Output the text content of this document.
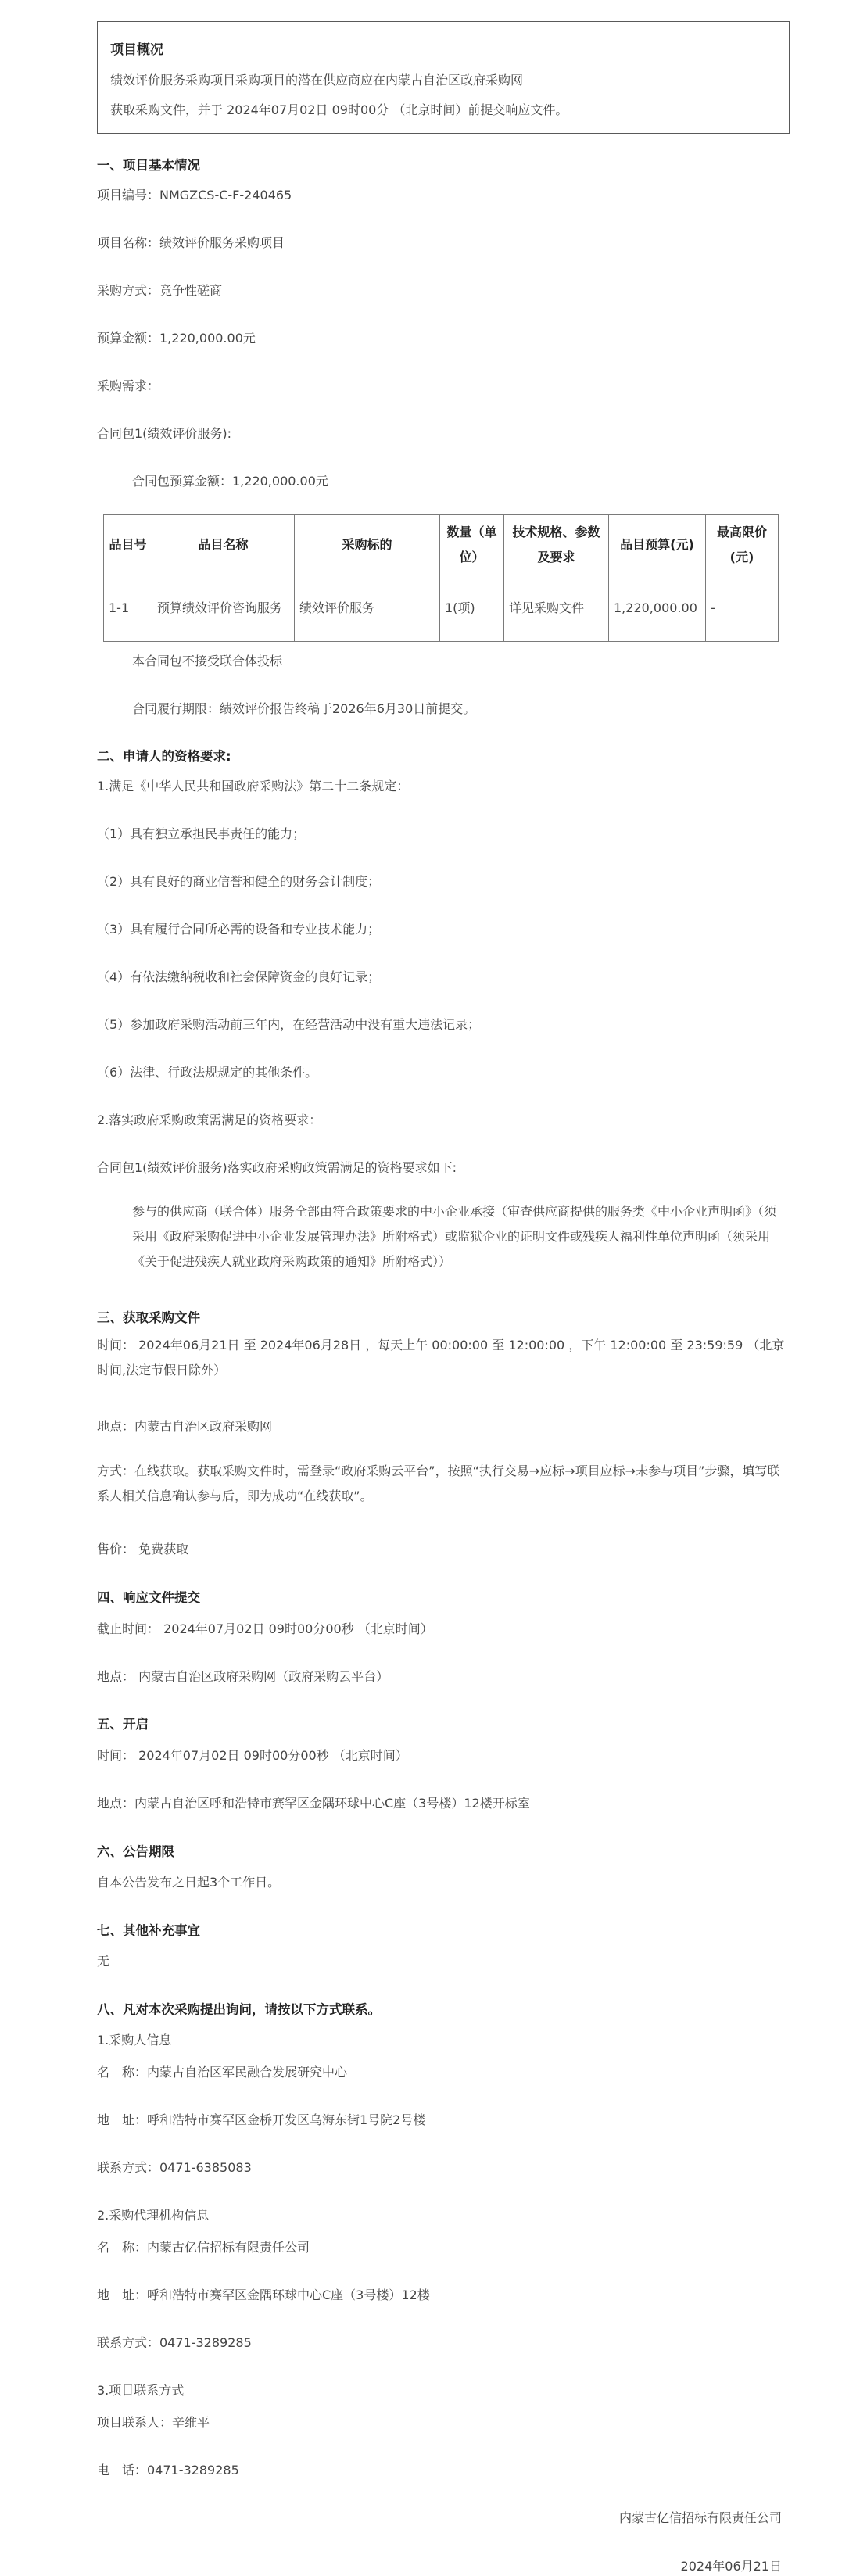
项目概况
绩效评价服务采购项目采购项目的潜在供应商应在内蒙古自治区政府采购网
获取采购文件，并于 2024年07月02日 09时00分 （北京时间）前提交响应文件。
一、项目基本情况
项目编号：NMGZCS-C-F-240465
项目名称：绩效评价服务采购项目
采购方式：竞争性磋商
预算金额：1,220,000.00元
采购需求：
合同包1(绩效评价服务):
合同包预算金额：1,220,000.00元
品目号	品目名称	采购标的	数量（单位）	技术规格、参数及要求	品目预算(元)	最高限价(元)
1-1	预算绩效评价咨询服务	绩效评价服务	1(项)	详见采购文件	1,220,000.00	-
本合同包不接受联合体投标
合同履行期限：绩效评价报告终稿于2026年6月30日前提交。
二、申请人的资格要求:
1.满足《中华人民共和国政府采购法》第二十二条规定：
（1）具有独立承担民事责任的能力；
（2）具有良好的商业信誉和健全的财务会计制度；
（3）具有履行合同所必需的设备和专业技术能力；
（4）有依法缴纳税收和社会保障资金的良好记录；
（5）参加政府采购活动前三年内，在经营活动中没有重大违法记录；
（6）法律、行政法规规定的其他条件。
2.落实政府采购政策需满足的资格要求：
合同包1(绩效评价服务)落实政府采购政策需满足的资格要求如下:
参与的供应商（联合体）服务全部由符合政策要求的中小企业承接（审查供应商提供的服务类《中小企业声明函》（须采用《政府采购促进中小企业发展管理办法》所附格式）或监狱企业的证明文件或残疾人福利性单位声明函（须采用《关于促进残疾人就业政府采购政策的通知》所附格式））
三、获取采购文件
时间： 2024年06月21日 至 2024年06月28日 ，每天上午 00:00:00 至 12:00:00 ，下午 12:00:00 至 23:59:59 （北京时间,法定节假日除外）
地点：内蒙古自治区政府采购网
方式：在线获取。获取采购文件时，需登录“政府采购云平台”，按照“执行交易→应标→项目应标→未参与项目”步骤，填写联系人相关信息确认参与后，即为成功“在线获取”。
售价： 免费获取
四、响应文件提交
截止时间： 2024年07月02日 09时00分00秒 （北京时间）
地点： 内蒙古自治区政府采购网（政府采购云平台）
五、开启
时间： 2024年07月02日 09时00分00秒 （北京时间）
地点：内蒙古自治区呼和浩特市赛罕区金隅环球中心C座（3号楼）12楼开标室
六、公告期限
自本公告发布之日起3个工作日。
七、其他补充事宜
无
八、凡对本次采购提出询问，请按以下方式联系。
1.采购人信息
名　称：内蒙古自治区军民融合发展研究中心
地　址：呼和浩特市赛罕区金桥开发区乌海东街1号院2号楼
联系方式：0471-6385083
2.采购代理机构信息
名　称：内蒙古亿信招标有限责任公司
地　址：呼和浩特市赛罕区金隅环球中心C座（3号楼）12楼
联系方式：0471-3289285
3.项目联系方式
项目联系人：辛维平
电　话：0471-3289285
内蒙古亿信招标有限责任公司
2024年06月21日
